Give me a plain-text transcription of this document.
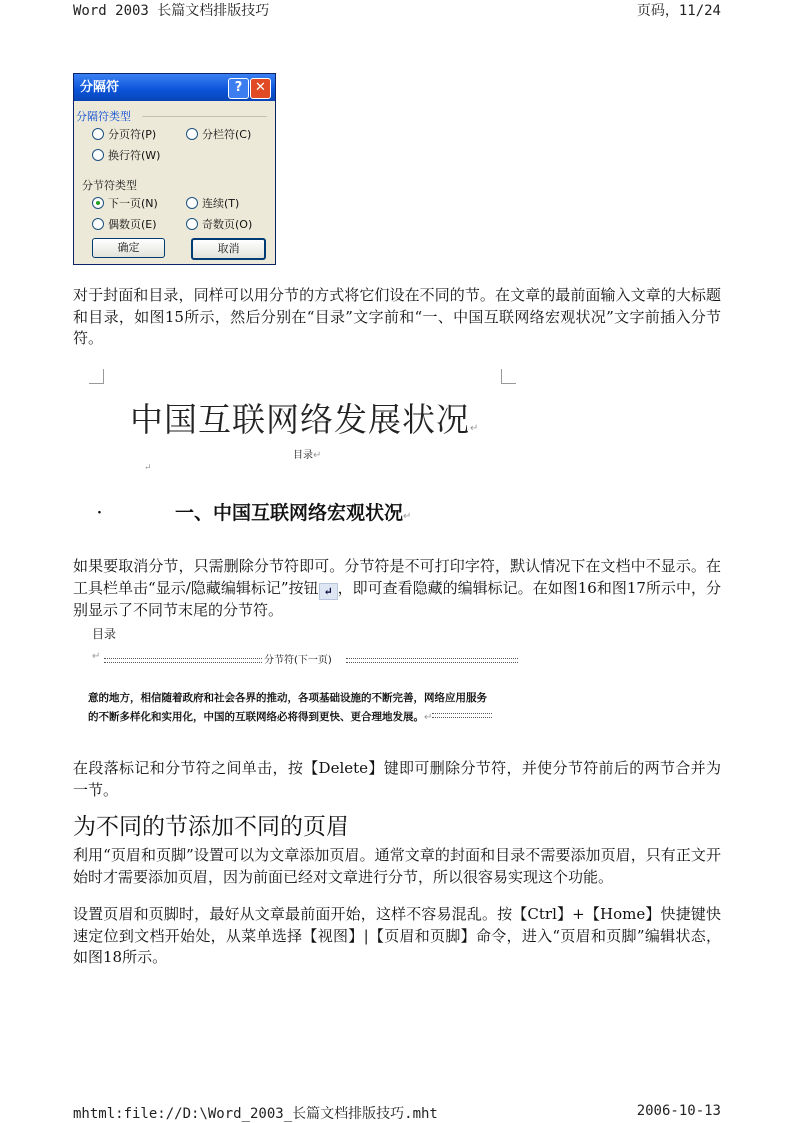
Word 2003 长篇文档排版技巧	页码，11/24
分隔符	? ✕
分隔符类型
分页符(P)	分栏符(C)
换行符(W)
分节符类型
下一页(N)	连续(T)
偶数页(E)	奇数页(O)
确定	取消

对于封面和目录，同样可以用分节的方式将它们设在不同的节。在文章的最前面输入文章的大标题和目录，如图15所示，然后分别在“目录”文字前和“一、中国互联网络宏观状况”文字前插入分节符。

中国互联网络发展状况↵
目录↵
↵
·	一、中国互联网络宏观状况↵

如果要取消分节，只需删除分节符即可。分节符是不可打印字符，默认情况下在文档中不显示。在工具栏单击“显示/隐藏编辑标记”按钮 ↵ ，即可查看隐藏的编辑标记。在如图16和图17所示中，分别显示了不同节末尾的分节符。

目录
↵	分节符(下一页)
意的地方，相信随着政府和社会各界的推动，各项基础设施的不断完善，网络应用服务
的不断多样化和实用化，中国的互联网络必将得到更快、更合理地发展。↵

在段落标记和分节符之间单击，按【Delete】键即可删除分节符，并使分节符前后的两节合并为一节。

为不同的节添加不同的页眉

利用“页眉和页脚”设置可以为文章添加页眉。通常文章的封面和目录不需要添加页眉，只有正文开始时才需要添加页眉，因为前面已经对文章进行分节，所以很容易实现这个功能。

设置页眉和页脚时，最好从文章最前面开始，这样不容易混乱。按【Ctrl】+【Home】快捷键快速定位到文档开始处，从菜单选择【视图】|【页眉和页脚】命令，进入“页眉和页脚”编辑状态，如图18所示。

mhtml:file://D:\Word_2003_长篇文档排版技巧.mht	2006-10-13
